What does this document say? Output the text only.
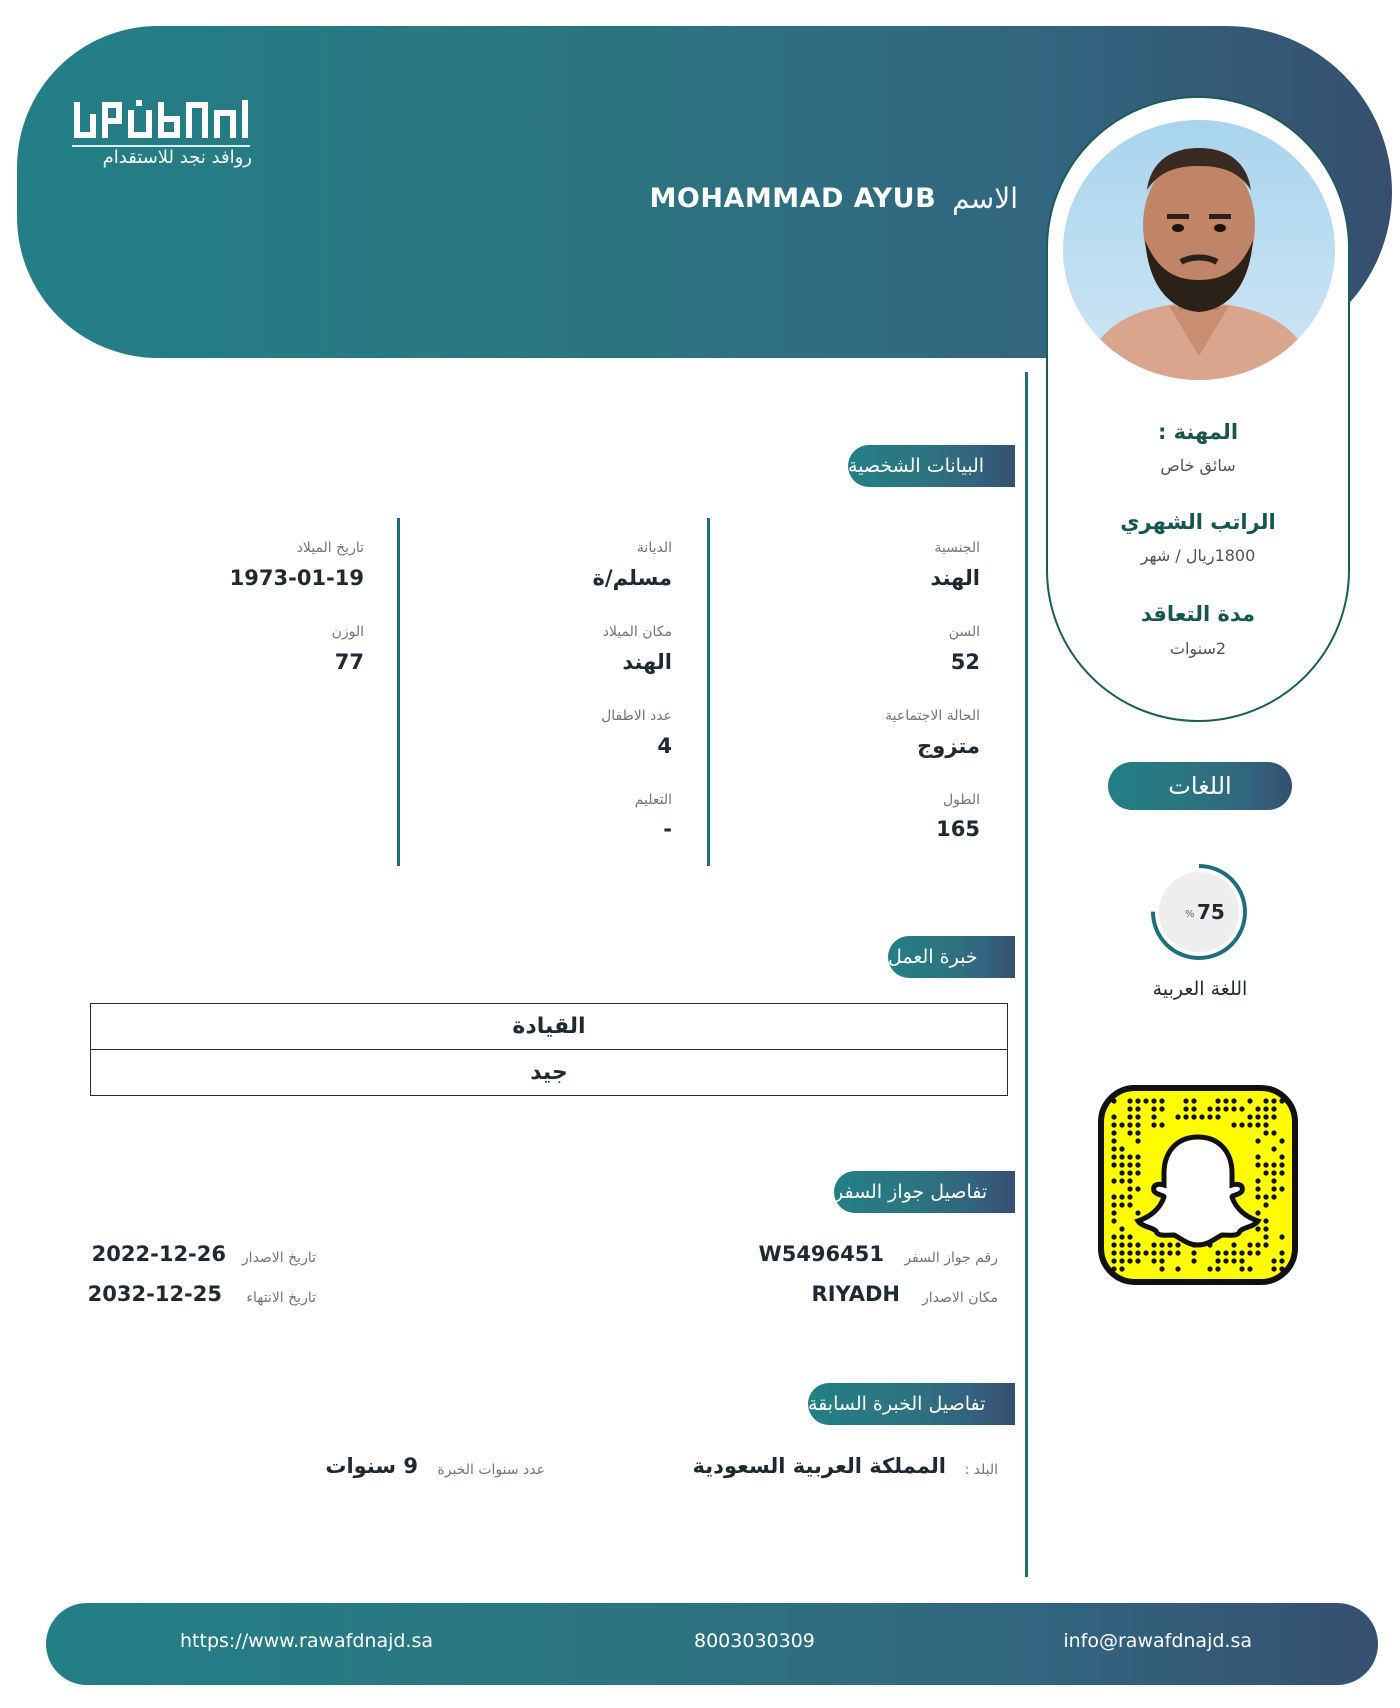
روافد نجد للاستقدام
الاسم
MOHAMMAD AYUB
المهنة :
سائق خاص
الراتب الشهري
1800ريال / شهر
مدة التعاقد
2سنوات
البيانات الشخصية
الجنسية
الهند
السن
52
الحالة الاجتماعية
متزوج
الطول
165
الديانة
مسلم/ة
مكان الميلاد
الهند
عدد الاطفال
4
التعليم
-
تاريخ الميلاد
1973-01-19
الوزن
77
اللغات
% 75
اللغة العربية
خبرة العمل
القيادة
جيد
تفاصيل جواز السفر
رقم جواز السفر
W5496451
مكان الاصدار
RIYADH
تاريخ الاصدار
2022-12-26
تاريخ الانتهاء
2032-12-25
تفاصيل الخبرة السابقة
البلد :
المملكة العربية السعودية
عدد سنوات الخبرة
9 سنوات
https://www.rawafdnajd.sa	8003030309	info@rawafdnajd.sa
